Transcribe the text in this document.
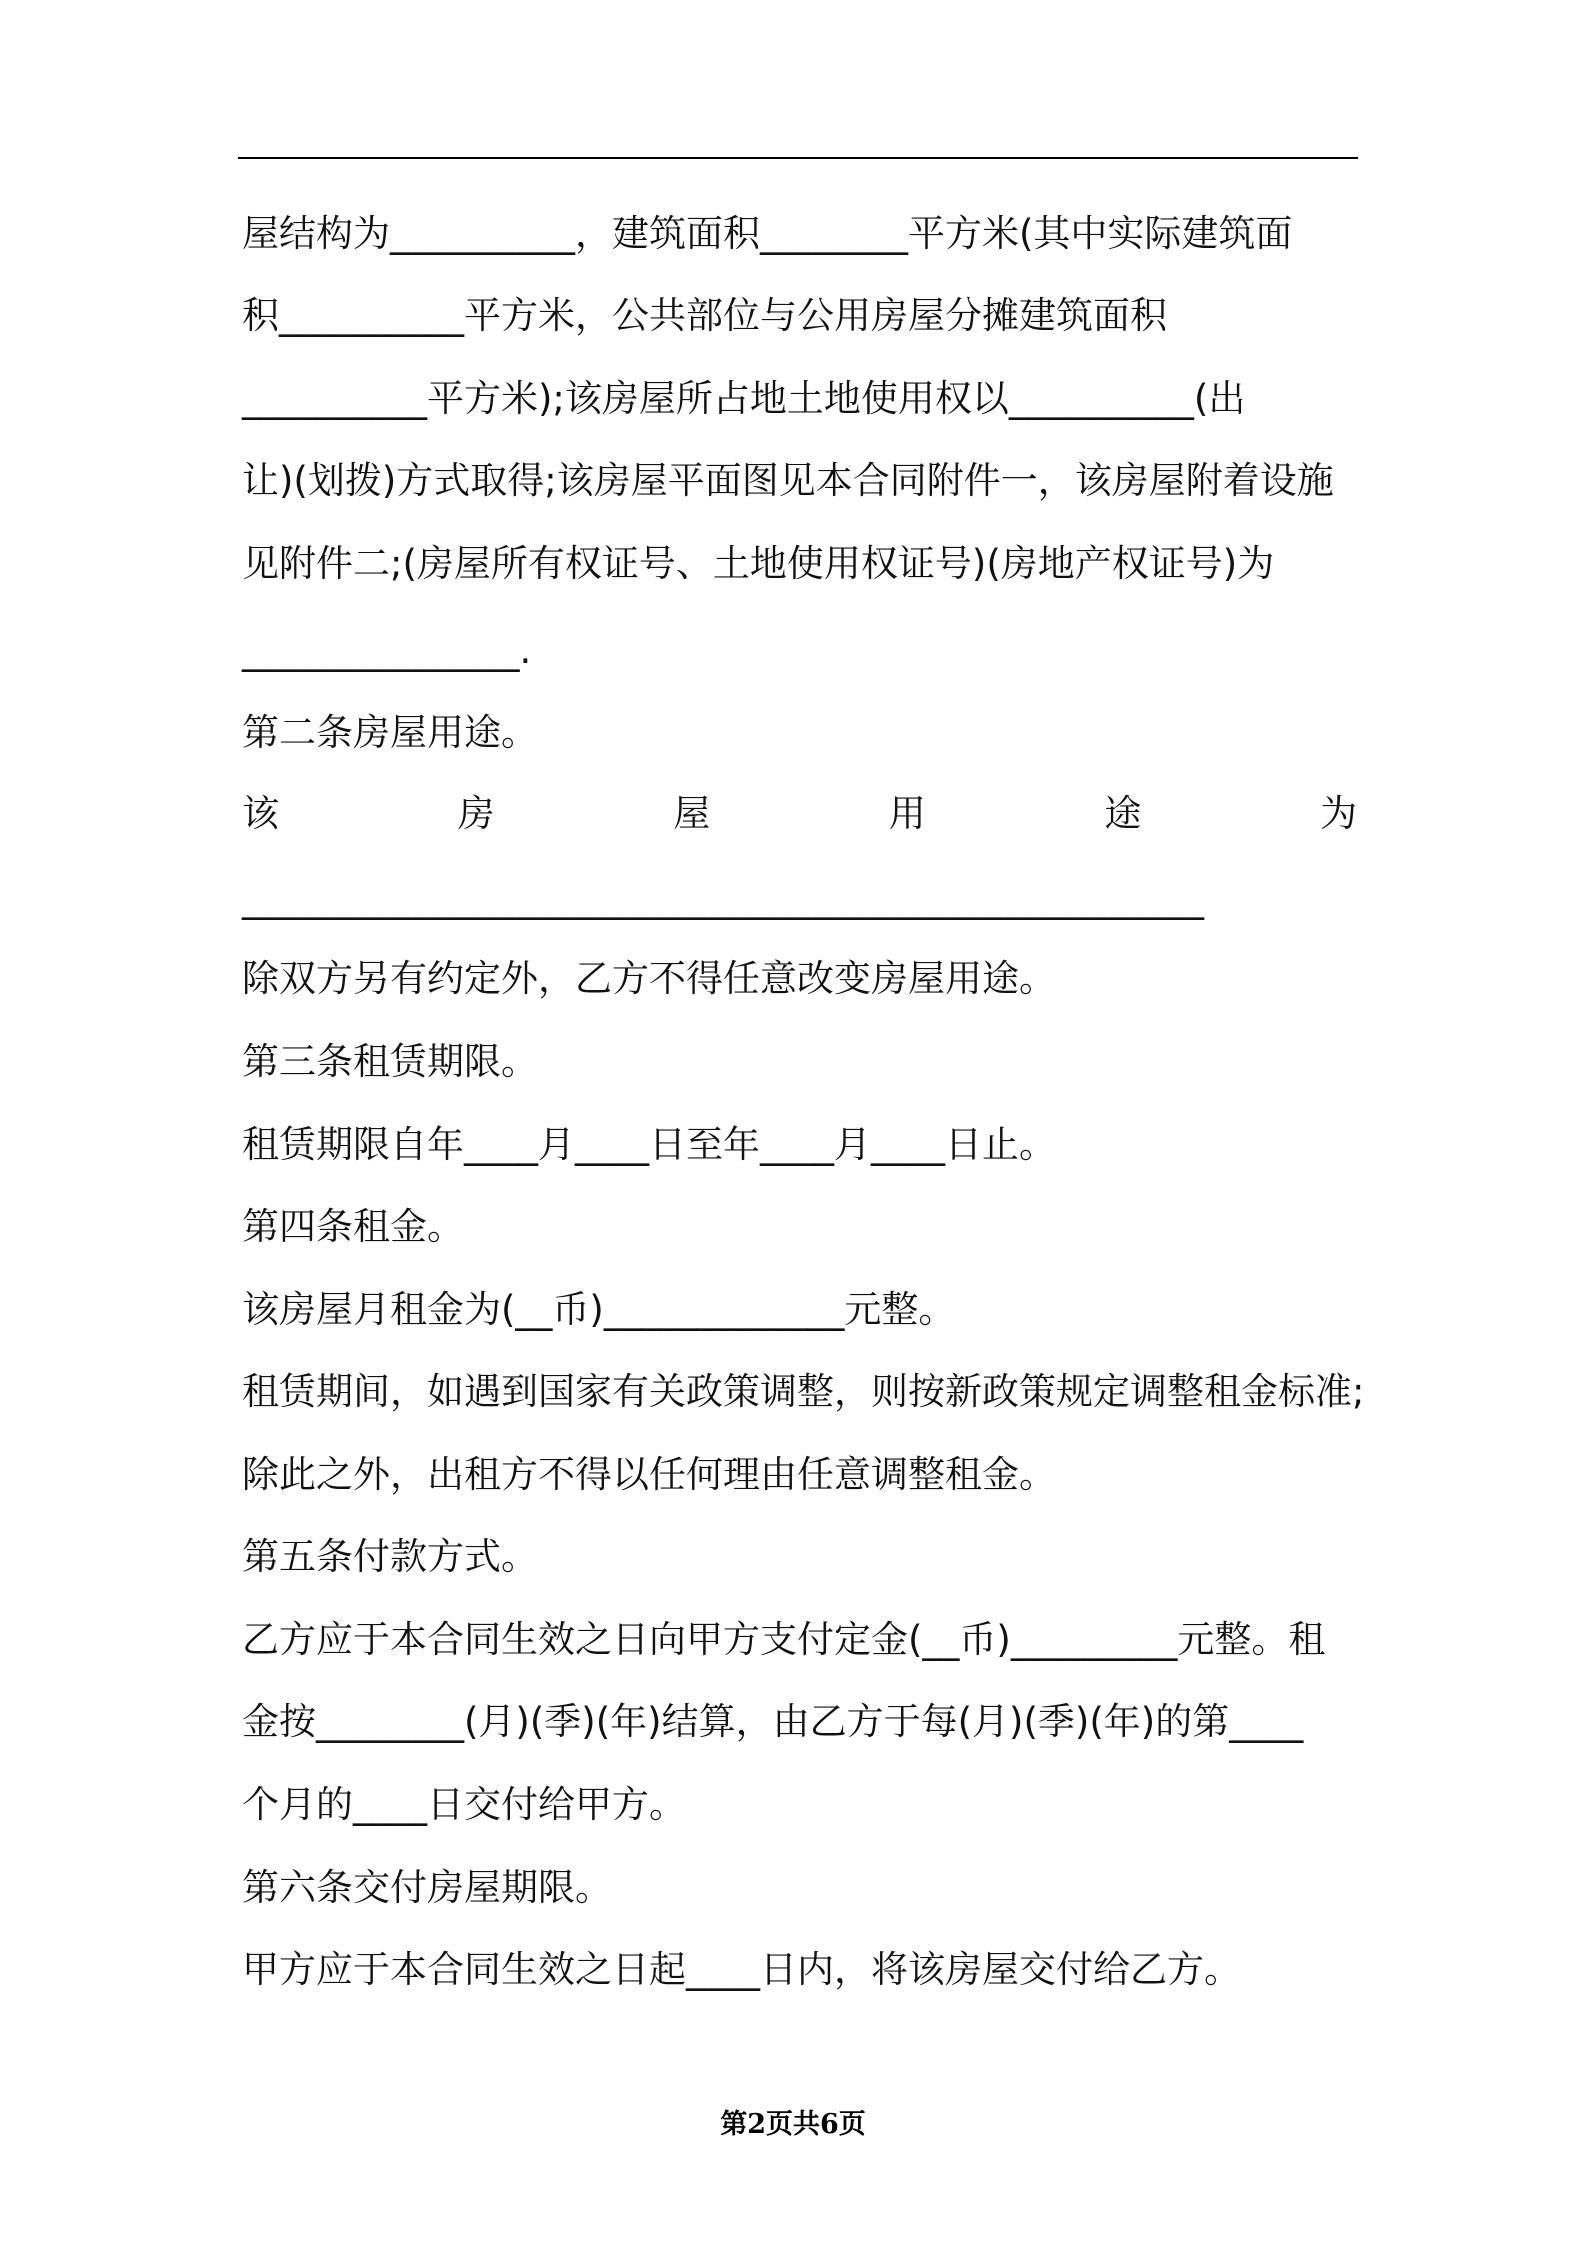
屋结构为__________，建筑面积________平方米(其中实际建筑面
积__________平方米，公共部位与公用房屋分摊建筑面积
__________平方米);该房屋所占地土地使用权以__________(出
让)(划拨)方式取得;该房屋平面图见本合同附件一，该房屋附着设施
见附件二;(房屋所有权证号、土地使用权证号)(房地产权证号)为
_______________.
第二条房屋用途。
该	房	屋	用	途	为
____________________________________________________
除双方另有约定外，乙方不得任意改变房屋用途。
第三条租赁期限。
租赁期限自年____月____日至年____月____日止。
第四条租金。
该房屋月租金为(__币)_____________元整。
租赁期间，如遇到国家有关政策调整，则按新政策规定调整租金标准;
除此之外，出租方不得以任何理由任意调整租金。
第五条付款方式。
乙方应于本合同生效之日向甲方支付定金(__币)_________元整。租
金按________(月)(季)(年)结算，由乙方于每(月)(季)(年)的第____
个月的____日交付给甲方。
第六条交付房屋期限。
甲方应于本合同生效之日起____日内，将该房屋交付给乙方。
第2页共6页
